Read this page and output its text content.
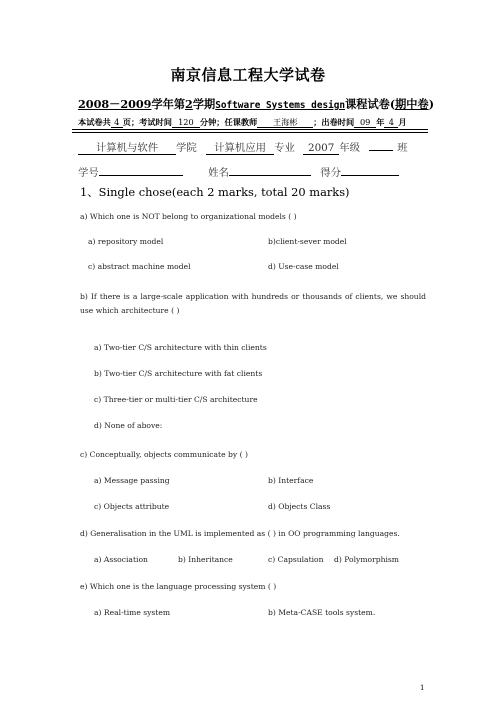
南京信息工程大学试卷
2008－2009学年第2学期Software Systems design课程试卷(期中卷)
本试卷共 4 页；考试时间 120 分钟；任课教师 王海彬 ；出卷时间 09 年 4 月
计算机与软件 学院 计算机应用 专业 2007 年级	班
学号	姓名	得分
1、Single chose(each 2 marks, total 20 marks)
a) Which one is NOT belong to organizational models ( )
a) repository model	b)client-sever model
c) abstract machine model	d) Use-case model
b) If there is a large-scale application with hundreds or thousands of clients, we should use which architecture ( )
a) Two-tier C/S architecture with thin clients
b) Two-tier C/S architecture with fat clients
c) Three-tier or multi-tier C/S architecture
d) None of above:
c) Conceptually, objects communicate by ( )
a) Message passing	b) Interface
c) Objects attribute	d) Objects Class
d) Generalisation in the UML is implemented as ( ) in OO programming languages.
a) Association	b) Inheritance	c) Capsulation d) Polymorphism
e) Which one is the language processing system ( )
a) Real-time system	b) Meta-CASE tools system.
1
